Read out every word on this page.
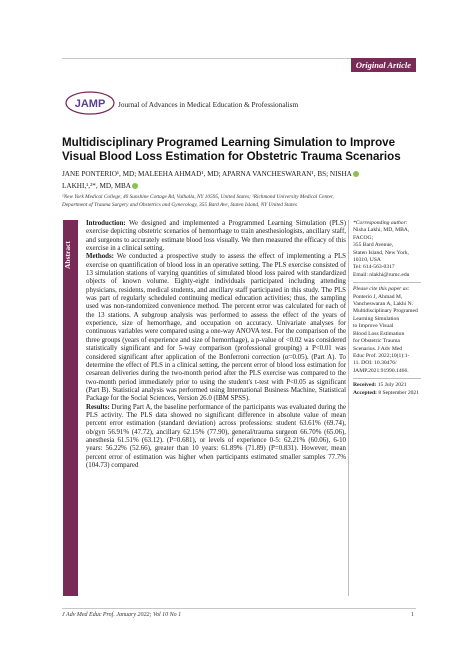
Original Article
JAMP Journal of Advances in Medical Education & Professionalism
Multidisciplinary Programed Learning Simulation to Improve Visual Blood Loss Estimation for Obstetric Trauma Scenarios
JANE PONTERIO¹, MD; MALEEHA AHMAD¹, MD; APARNA VANCHESWARAN¹, BS; NISHA
LAKHI,¹,²*, MD, MBA
¹New York Medical College, 40 Sunshine Cottage Rd, Valhalla, NY 10595, United States; ²Richmond University Medical Center,
Department of Trauma Surgery and Obstetrics and Gynecology, 355 Bard Ave, Staten Island, NY United States
Abstract

Introduction: We designed and implemented a Programmed Learning Simulation (PLS) exercise depicting obstetric scenarios of hemorrhage to train anesthesiologists, ancillary staff, and surgeons to accurately estimate blood loss visually. We then measured the efficacy of this exercise in a clinical setting.

Methods: We conducted a prospective study to assess the effect of implementing a PLS exercise on quantification of blood loss in an operative setting. The PLS exercise consisted of 13 simulation stations of varying quantities of simulated blood loss paired with standardized objects of known volume. Eighty-eight individuals participated including attending physicians, residents, medical students, and ancillary staff participated in this study. The PLS was part of regularly scheduled continuing medical education activities; thus, the sampling used was non-randomized convenience method. The percent error was calculated for each of the 13 stations. A subgroup analysis was performed to assess the effect of the years of experience, size of hemorrhage, and occupation on accuracy. Univariate analyses for continuous variables were compared using a one-way ANOVA test. For the comparison of the three groups (years of experience and size of hemorrhage), a p-value of <0.02 was considered statistically significant and for 5-way comparison (professional grouping) a P<0.01 was considered significant after application of the Bonferroni correction (α=0.05). (Part A). To determine the effect of PLS in a clinical setting, the percent error of blood loss estimation for cesarean deliveries during the two-month period after the PLS exercise was compared to the two-month period immediately prior to using the student's t-test with P<0.05 as significant (Part B). Statistical analysis was performed using International Business Machine, Statistical Package for the Social Sciences, Version 26.0 (IBM SPSS).

Results: During Part A, the baseline performance of the participants was evaluated during the PLS activity. The PLS data showed no significant difference in absolute value of mean percent error estimation (standard deviation) across professions: student 63.61% (69.74), ob/gyn 56.91% (47.72), ancillary 62.15% (77.90), general/trauma surgeon 66.70% (65.06), anesthesia 61.51% (63.12). (P=0.681), or levels of experience 0-5: 62.21% (60.06), 6-10 years: 56.22% (52.66), greater than 10 years: 61.89% (71.89) (P=0.831). However, mean percent error of estimation was higher when participants estimated smaller samples 77.7% (104.73) compared

*Corresponding author:
Nisha Lakhi, MD, MBA,
FACOG;
355 Bard Avenue,
Staten Island, New York,
10310, USA
Tel: 614-563-0317
Email: nlakhi@rumc.edu
Please cite this paper as:
Ponterio J, Ahmad M,
Vancheswaran A, Lakhi N.
Multidisciplinary Programed
Learning Simulation
to Improve Visual
Blood Loss Estimation
for Obstetric Trauma
Scenarios. J Adv Med
Educ Prof. 2022;10(1):1-
11. DOI: 10.30476/
JAMP.2021.91990.1466.
Received: 15 July 2021
Accepted: 8 September 2021
J Adv Med Educ Prof. January 2022; Vol 10 No 1	1
